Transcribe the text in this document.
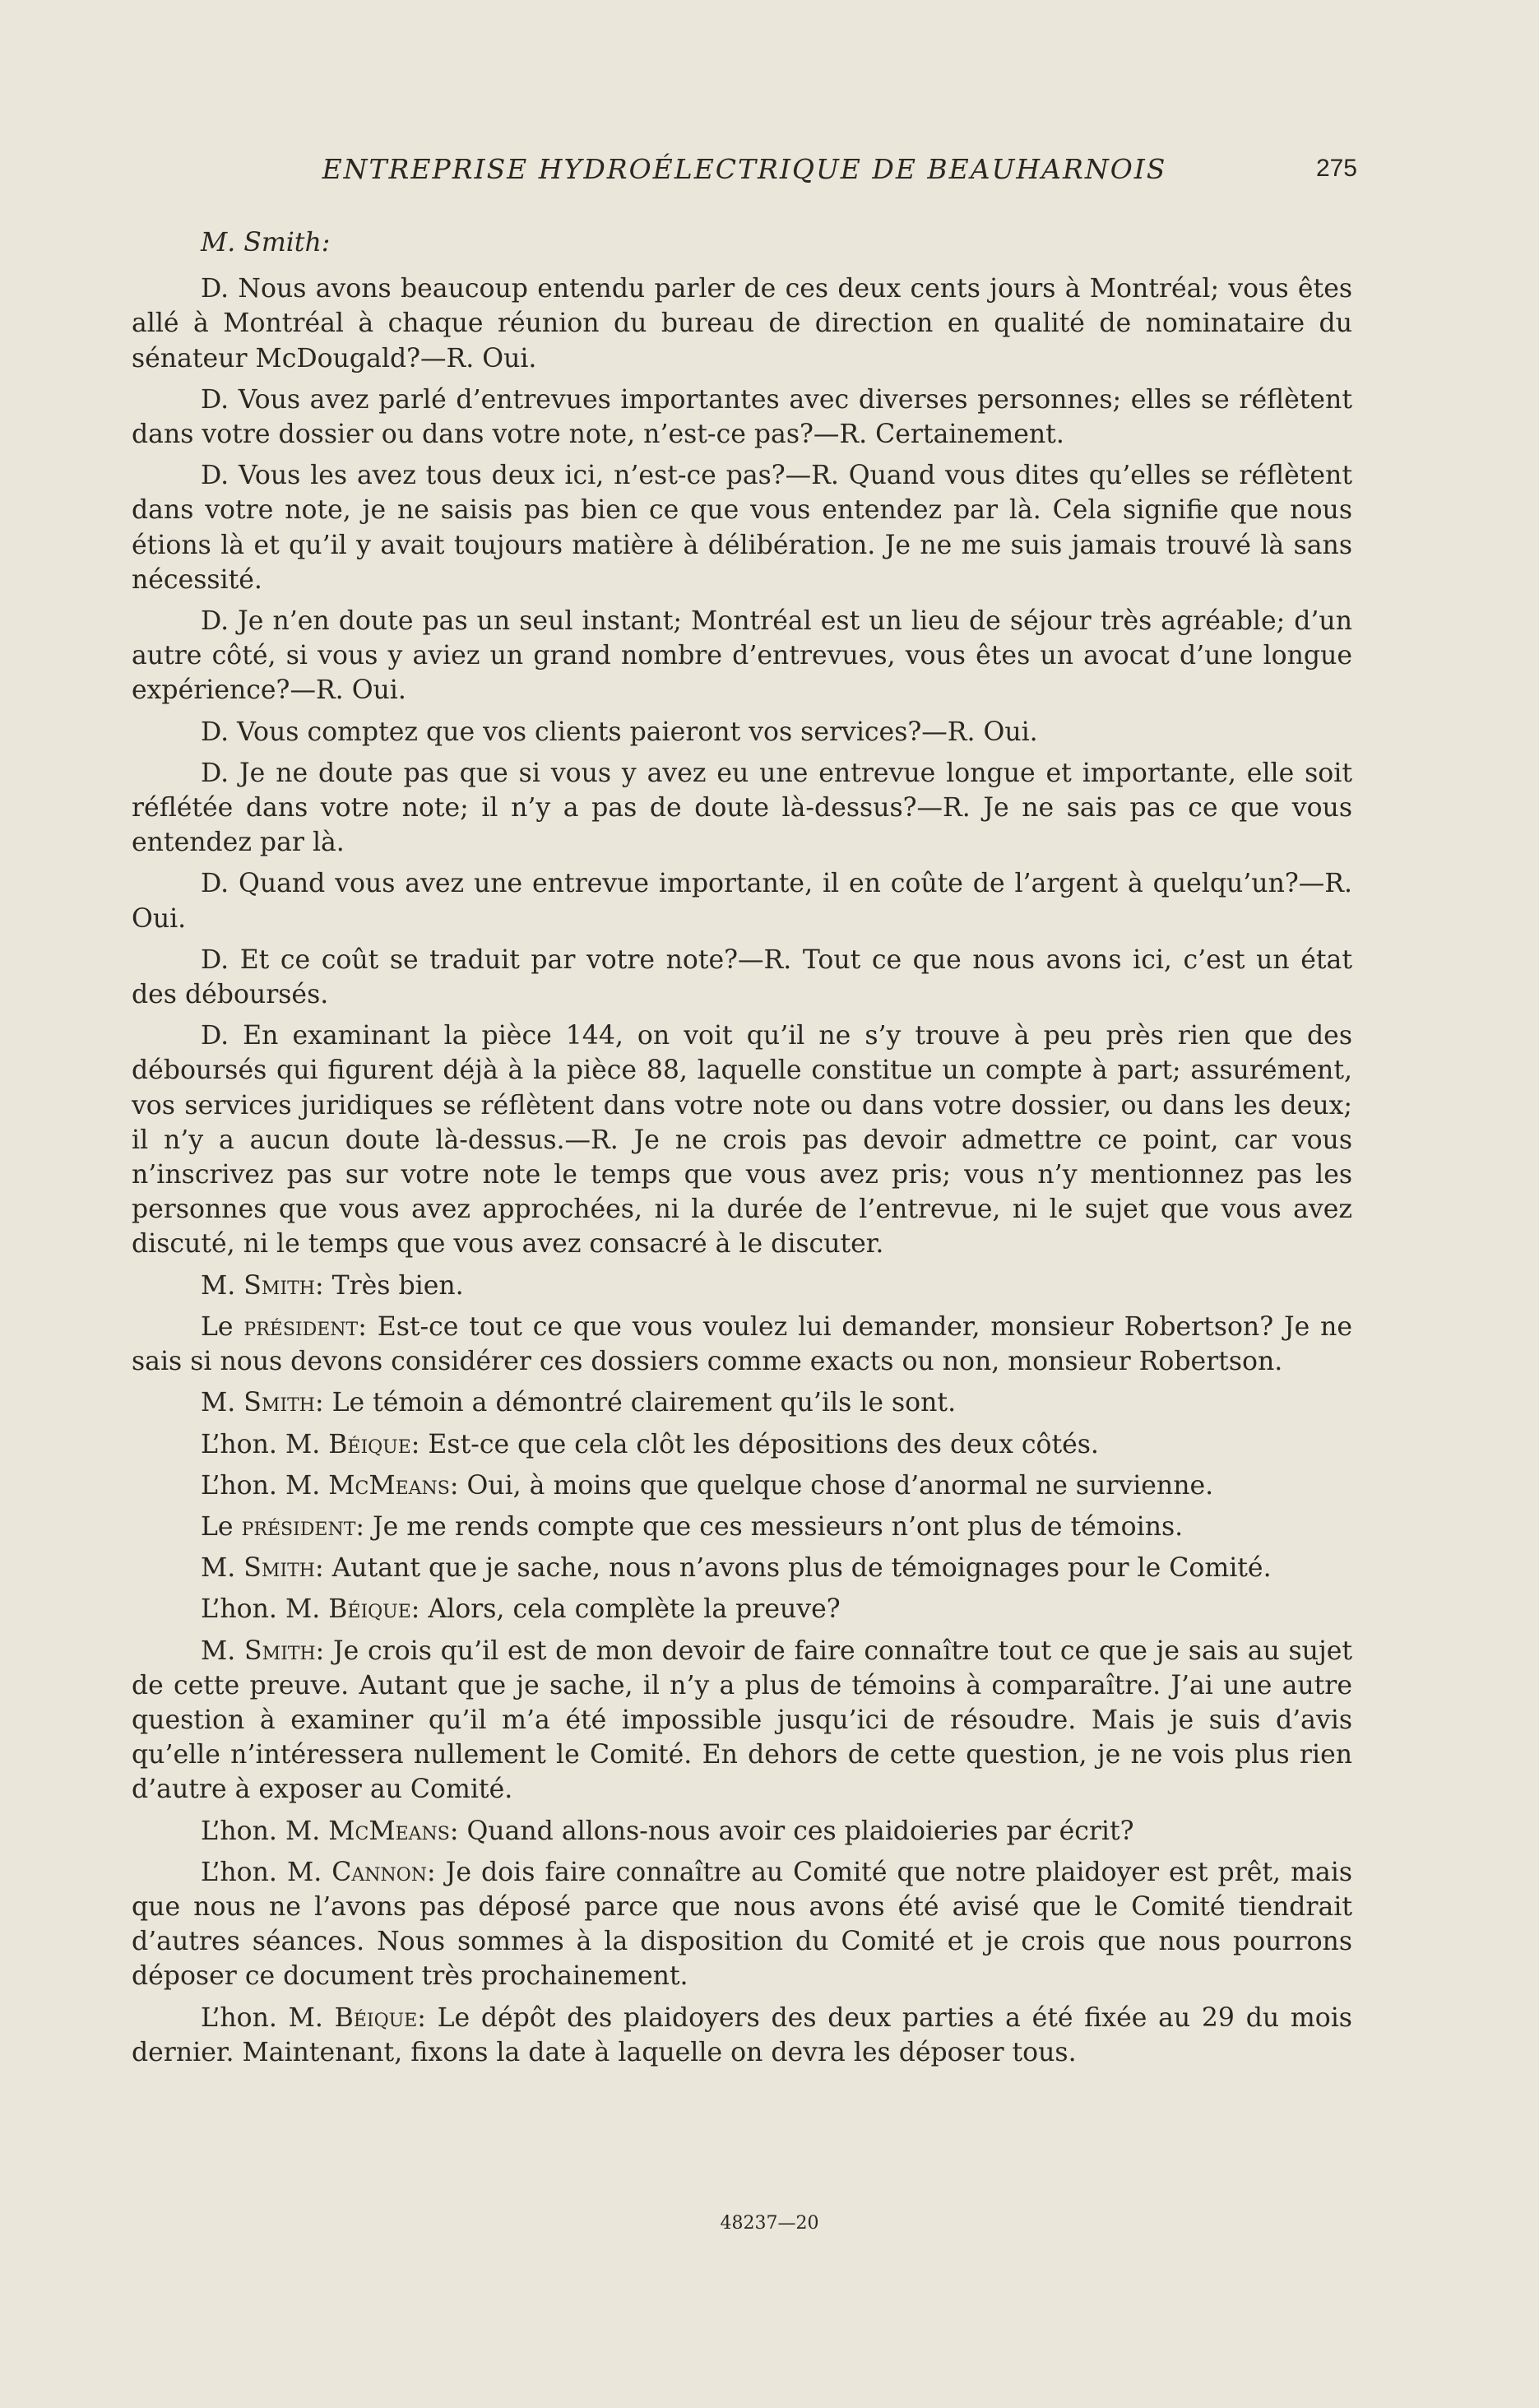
ENTREPRISE HYDROÉLECTRIQUE DE BEAUHARNOIS	275

M. Smith:

D. Nous avons beaucoup entendu parler de ces deux cents jours à Montréal; vous êtes allé à Montréal à chaque réunion du bureau de direction en qualité de nominataire du sénateur McDougald?—R. Oui.

D. Vous avez parlé d’entrevues importantes avec diverses personnes; elles se réflètent dans votre dossier ou dans votre note, n’est-ce pas?—R. Certainement.

D. Vous les avez tous deux ici, n’est-ce pas?—R. Quand vous dites qu’elles se réflètent dans votre note, je ne saisis pas bien ce que vous entendez par là. Cela signifie que nous étions là et qu’il y avait toujours matière à délibération. Je ne me suis jamais trouvé là sans nécessité.

D. Je n’en doute pas un seul instant; Montréal est un lieu de séjour très agréable; d’un autre côté, si vous y aviez un grand nombre d’entrevues, vous êtes un avocat d’une longue expérience?—R. Oui.

D. Vous comptez que vos clients paieront vos services?—R. Oui.

D. Je ne doute pas que si vous y avez eu une entrevue longue et importante, elle soit réflétée dans votre note; il n’y a pas de doute là-dessus?—R. Je ne sais pas ce que vous entendez par là.

D. Quand vous avez une entrevue importante, il en coûte de l’argent à quelqu’un?—R. Oui.

D. Et ce coût se traduit par votre note?—R. Tout ce que nous avons ici, c’est un état des déboursés.

D. En examinant la pièce 144, on voit qu’il ne s’y trouve à peu près rien que des déboursés qui figurent déjà à la pièce 88, laquelle constitue un compte à part; assurément, vos services juridiques se réflètent dans votre note ou dans votre dossier, ou dans les deux; il n’y a aucun doute là-dessus.—R. Je ne crois pas devoir admettre ce point, car vous n’inscrivez pas sur votre note le temps que vous avez pris; vous n’y mentionnez pas les personnes que vous avez approchées, ni la durée de l’entrevue, ni le sujet que vous avez discuté, ni le temps que vous avez consacré à le discuter.

M. Smith: Très bien.

Le président: Est-ce tout ce que vous voulez lui demander, monsieur Robertson? Je ne sais si nous devons considérer ces dossiers comme exacts ou non, monsieur Robertson.

M. Smith: Le témoin a démontré clairement qu’ils le sont.

L’hon. M. Béique: Est-ce que cela clôt les dépositions des deux côtés.

L’hon. M. McMeans: Oui, à moins que quelque chose d’anormal ne survienne.

Le président: Je me rends compte que ces messieurs n’ont plus de témoins.

M. Smith: Autant que je sache, nous n’avons plus de témoignages pour le Comité.

L’hon. M. Béique: Alors, cela complète la preuve?

M. Smith: Je crois qu’il est de mon devoir de faire connaître tout ce que je sais au sujet de cette preuve. Autant que je sache, il n’y a plus de témoins à comparaître. J’ai une autre question à examiner qu’il m’a été impossible jusqu’ici de résoudre. Mais je suis d’avis qu’elle n’intéressera nullement le Comité. En dehors de cette question, je ne vois plus rien d’autre à exposer au Comité.

L’hon. M. McMeans: Quand allons-nous avoir ces plaidoieries par écrit?

L’hon. M. Cannon: Je dois faire connaître au Comité que notre plaidoyer est prêt, mais que nous ne l’avons pas déposé parce que nous avons été avisé que le Comité tiendrait d’autres séances. Nous sommes à la disposition du Comité et je crois que nous pourrons déposer ce document très prochainement.

L’hon. M. Béique: Le dépôt des plaidoyers des deux parties a été fixée au 29 du mois dernier. Maintenant, fixons la date à laquelle on devra les déposer tous.

48237—20
